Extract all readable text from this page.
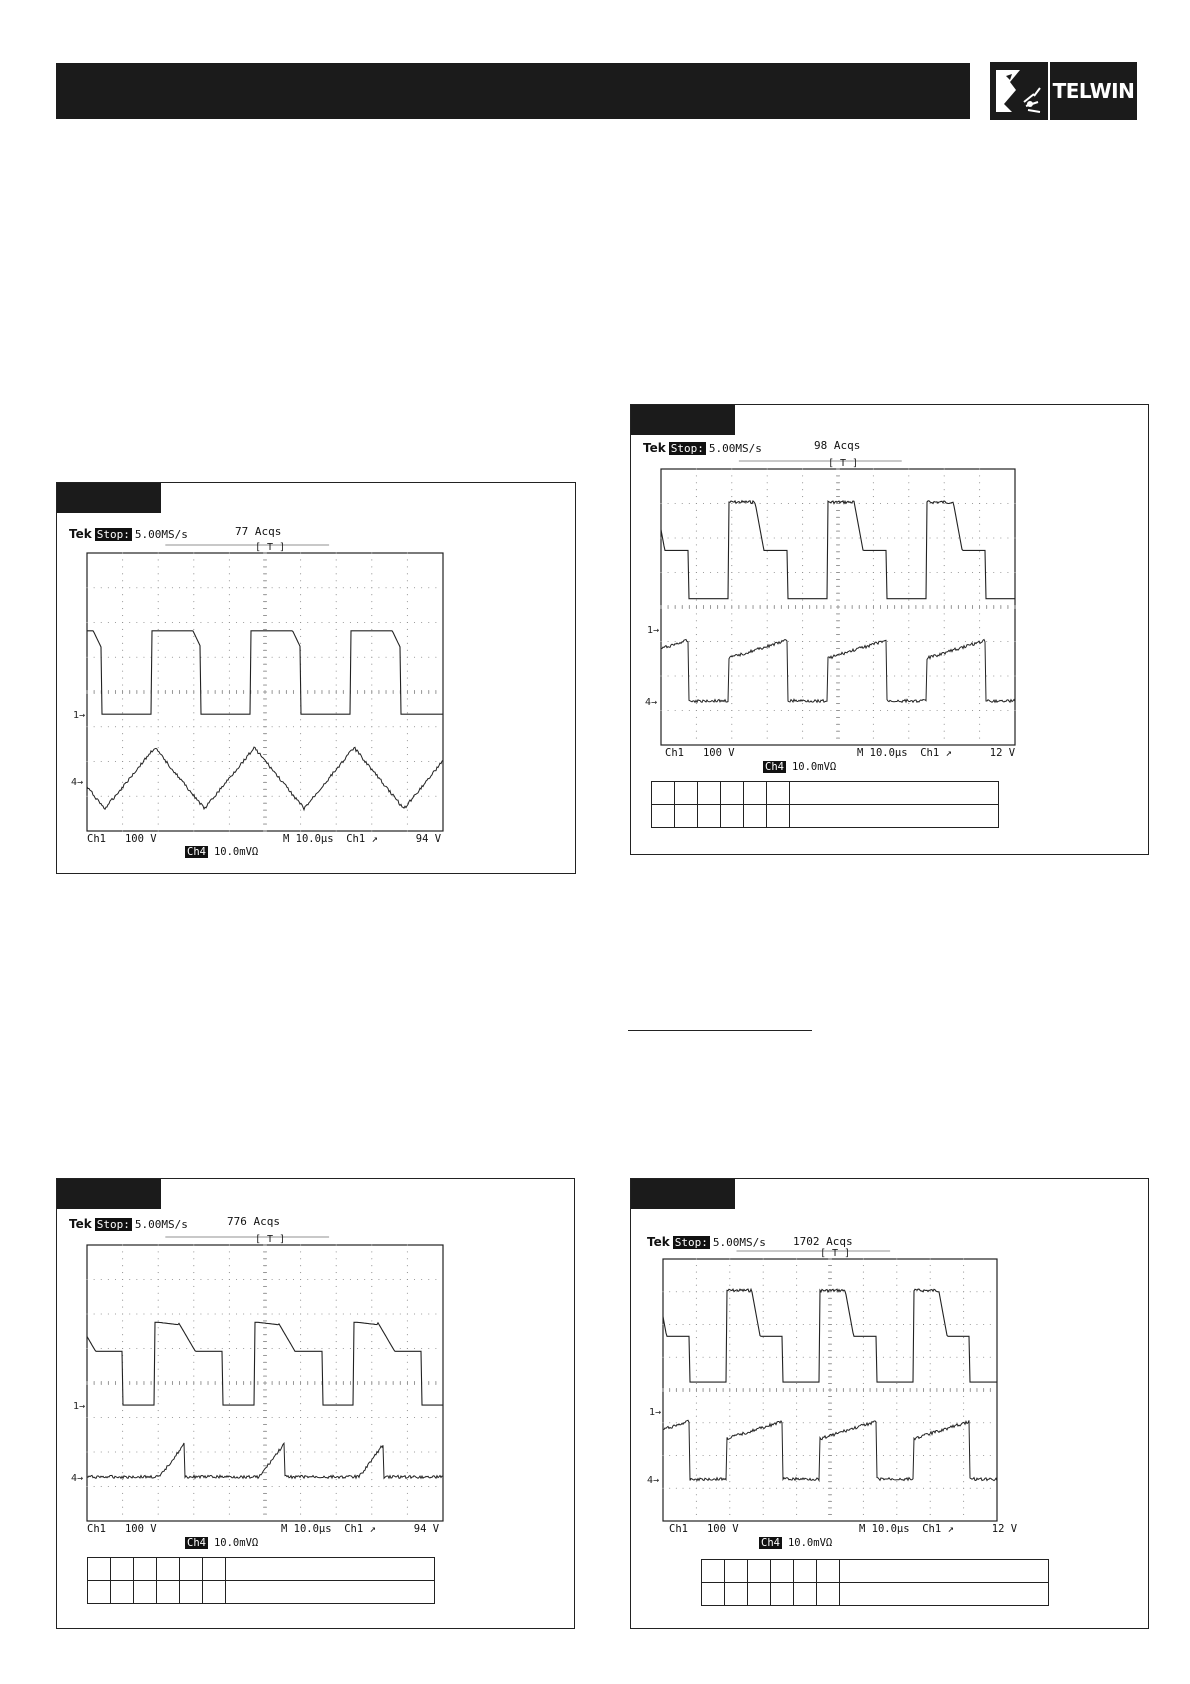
TELWIN
Tek Stop: 5.00MS/s	77 Acqs
1→
4→
[ T ]
Ch1 100 V	M 10.0µs Ch1 ↗	94 V
Ch4 10.0mVΩ
Tek Stop: 5.00MS/s	98 Acqs
1→
4→
[ T ]
Ch1 100 V	M 10.0µs Ch1 ↗	12 V
Ch4 10.0mVΩ

Tek Stop: 5.00MS/s	776 Acqs
1→
4→
[ T ]
Ch1 100 V	M 10.0µs Ch1 ↗	94 V
Ch4 10.0mVΩ

Tek Stop: 5.00MS/s 1702 Acqs
1→
4→
[ T ]
Ch1 100 V	M 10.0µs Ch1 ↗	12 V
Ch4 10.0mVΩ
